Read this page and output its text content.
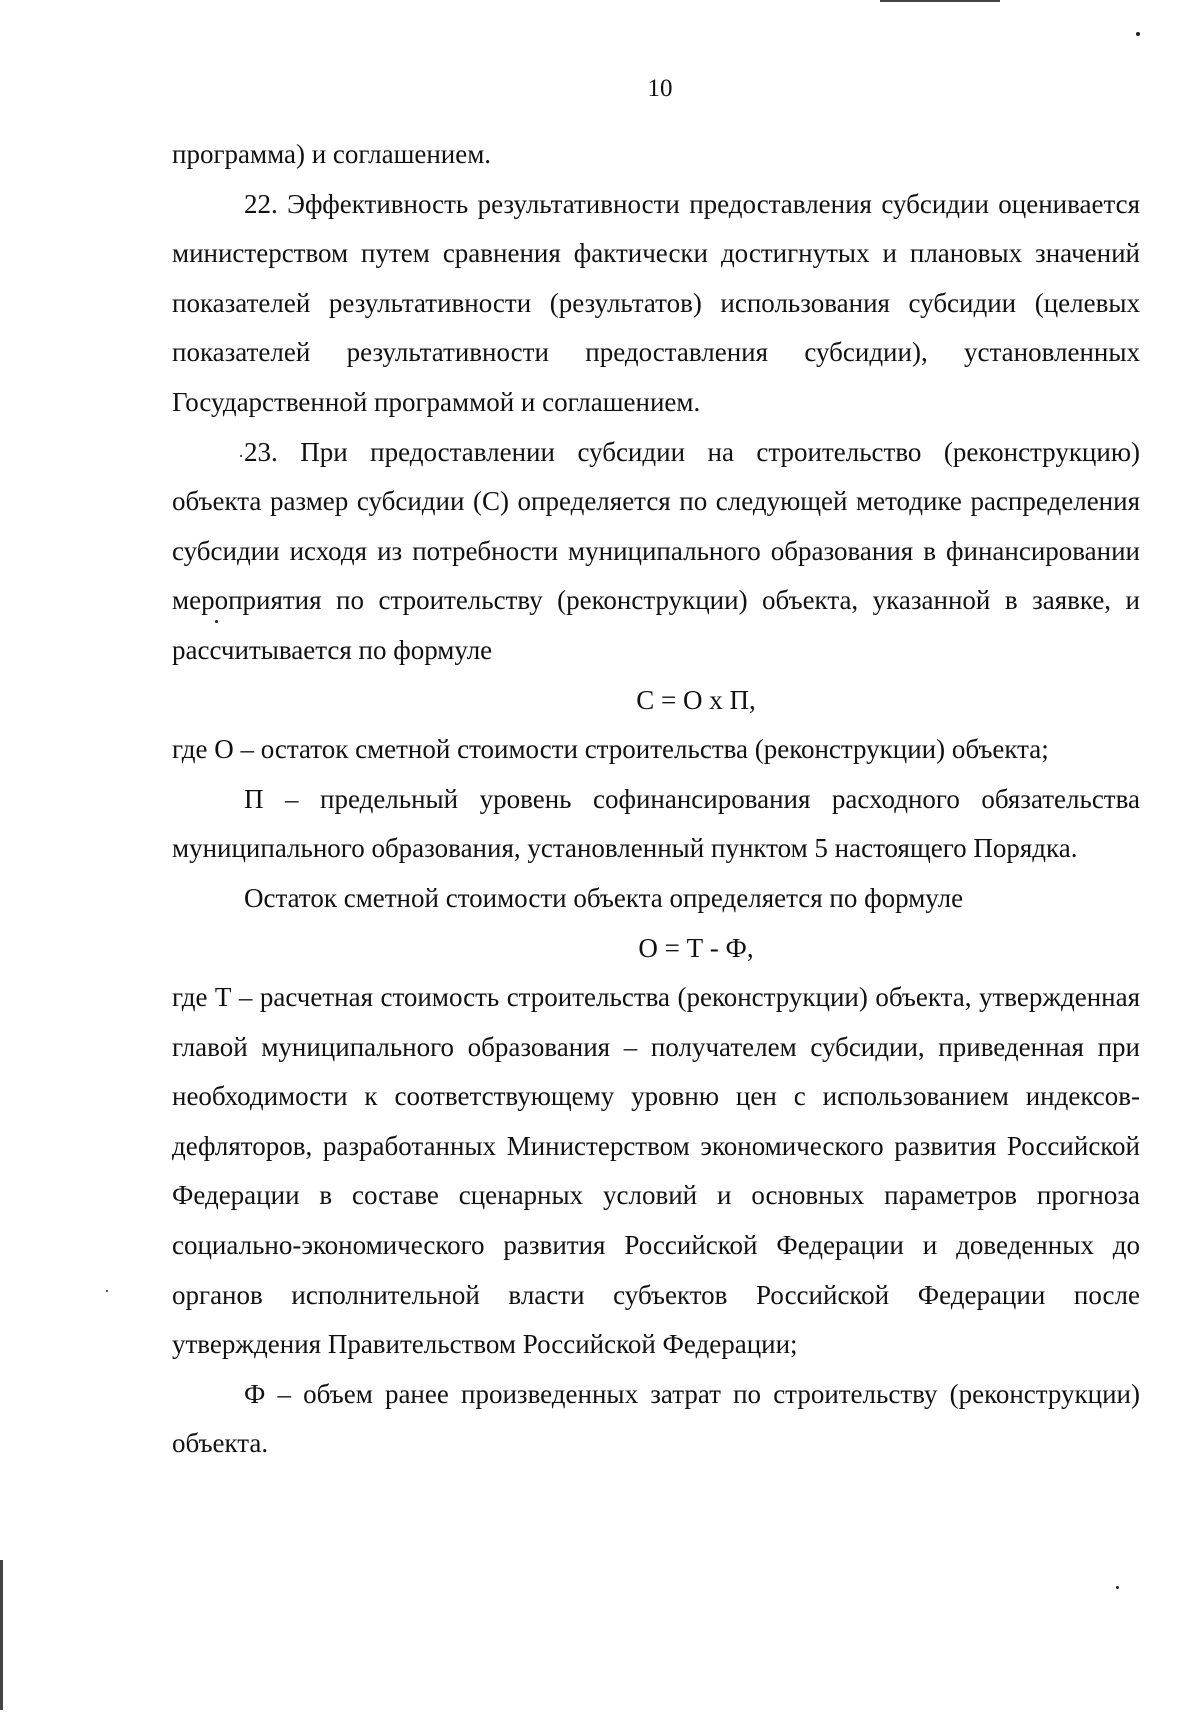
10

программа) и соглашением.

22. Эффективность результативности предоставления субсидии оценивается министерством путем сравнения фактически достигнутых и плановых значений показателей результативности (результатов) использования субсидии (целевых показателей результативности предоставления субсидии), установленных Государственной программой и соглашением.

23. При предоставлении субсидии на строительство (реконструкцию) объекта размер субсидии (С) определяется по следующей методике распределения субсидии исходя из потребности муниципального образования в финансировании мероприятия по строительству (реконструкции) объекта, указанной в заявке, и рассчитывается по формуле

С = О х П,

где О – остаток сметной стоимости строительства (реконструкции) объекта;

П – предельный уровень софинансирования расходного обязательства муниципального образования, установленный пунктом 5 настоящего Порядка.

Остаток сметной стоимости объекта определяется по формуле

О = Т - Ф,

где Т – расчетная стоимость строительства (реконструкции) объекта, утвержденная главой муниципального образования – получателем субсидии, приведенная при необходимости к соответствующему уровню цен с использованием индексов-дефляторов, разработанных Министерством экономического развития Российской Федерации в составе сценарных условий и основных параметров прогноза социально-экономического развития Российской Федерации и доведенных до органов исполнительной власти субъектов Российской Федерации после утверждения Правительством Российской Федерации;

Ф – объем ранее произведенных затрат по строительству (реконструкции) объекта.
